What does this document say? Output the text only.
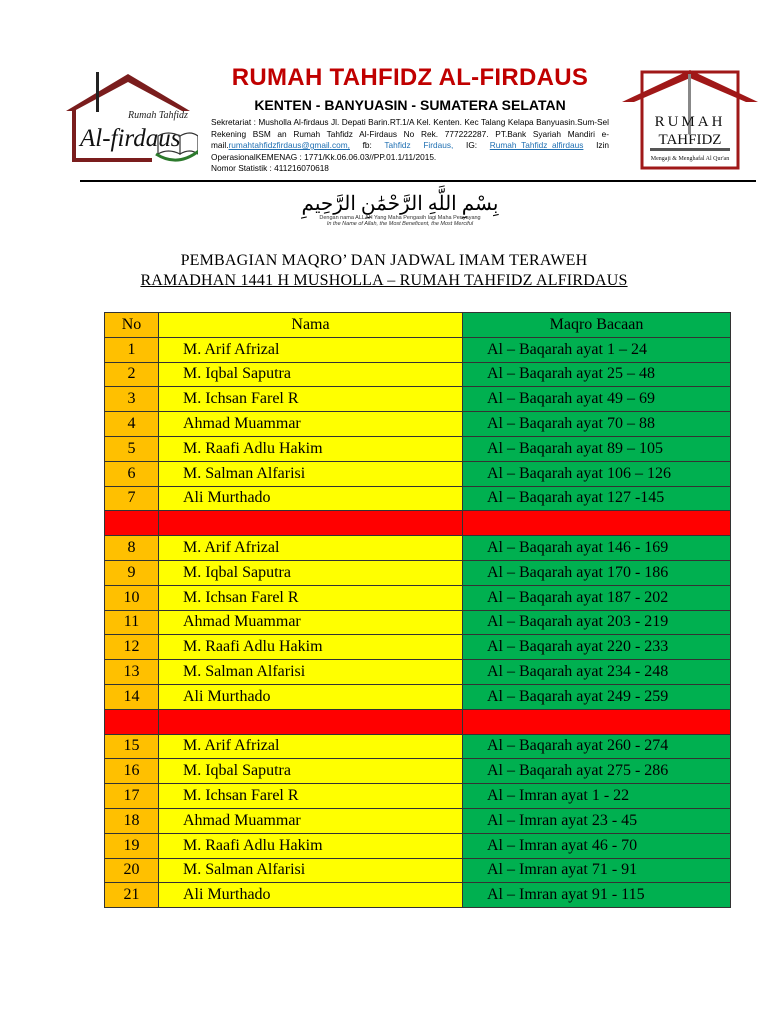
Rumah Tahfidz
Al-firdaus
RUMAH TAHFIDZ AL-FIRDAUS
KENTEN - BANYUASIN - SUMATERA SELATAN
Sekretariat : Musholla Al-firdaus Jl. Depati Barin.RT.1/A Kel. Kenten. Kec Talang Kelapa Banyuasin.Sum-Sel Rekening BSM an Rumah Tahfidz Al-Firdaus No Rek. 777222287. PT.Bank Syariah Mandiri e-mail.rumahtahfidzfirdaus@gmail.com, fb: Tahfidz Firdaus, IG: Rumah_Tahfidz_alfirdaus Izin OperasionalKEMENAG : 1771/Kk.06.06.03//PP.01.1/11/2015.
Nomor Statistik : 411216070618
RUMAH
TAHFIDZ
Mengaji & Menghafal Al Qur'an
بِسْمِ اللَّهِ الرَّحْمَٰنِ الرَّحِيمِ
Dengan nama ALLAH Yang Maha Pengasih lagi Maha Penyayang
In the Name of Allah, the Most Beneficent, the Most Merciful
PEMBAGIAN MAQRO’ DAN JADWAL IMAM TERAWEH
RAMADHAN 1441 H MUSHOLLA – RUMAH TAHFIDZ ALFIRDAUS
No	Nama	Maqro Bacaan
1	M. Arif Afrizal	Al – Baqarah ayat 1 – 24
2	M. Iqbal Saputra	Al – Baqarah ayat 25 – 48
3	M. Ichsan Farel R	Al – Baqarah ayat 49 – 69
4	Ahmad Muammar	Al – Baqarah ayat 70 – 88
5	M. Raafi Adlu Hakim	Al – Baqarah ayat 89 – 105
6	M. Salman Alfarisi	Al – Baqarah ayat 106 – 126
7	Ali Murthado	Al – Baqarah ayat 127 -145

8	M. Arif Afrizal	Al – Baqarah ayat 146 - 169
9	M. Iqbal Saputra	Al – Baqarah ayat 170 - 186
10	M. Ichsan Farel R	Al – Baqarah ayat 187 - 202
11	Ahmad Muammar	Al – Baqarah ayat 203 - 219
12	M. Raafi Adlu Hakim	Al – Baqarah ayat 220 - 233
13	M. Salman Alfarisi	Al – Baqarah ayat 234 - 248
14	Ali Murthado	Al – Baqarah ayat 249 - 259

15	M. Arif Afrizal	Al – Baqarah ayat 260 - 274
16	M. Iqbal Saputra	Al – Baqarah ayat 275 - 286
17	M. Ichsan Farel R	Al – Imran ayat 1 - 22
18	Ahmad Muammar	Al – Imran ayat 23 - 45
19	M. Raafi Adlu Hakim	Al – Imran ayat 46 - 70
20	M. Salman Alfarisi	Al – Imran ayat 71 - 91
21	Ali Murthado	Al – Imran ayat 91 - 115
